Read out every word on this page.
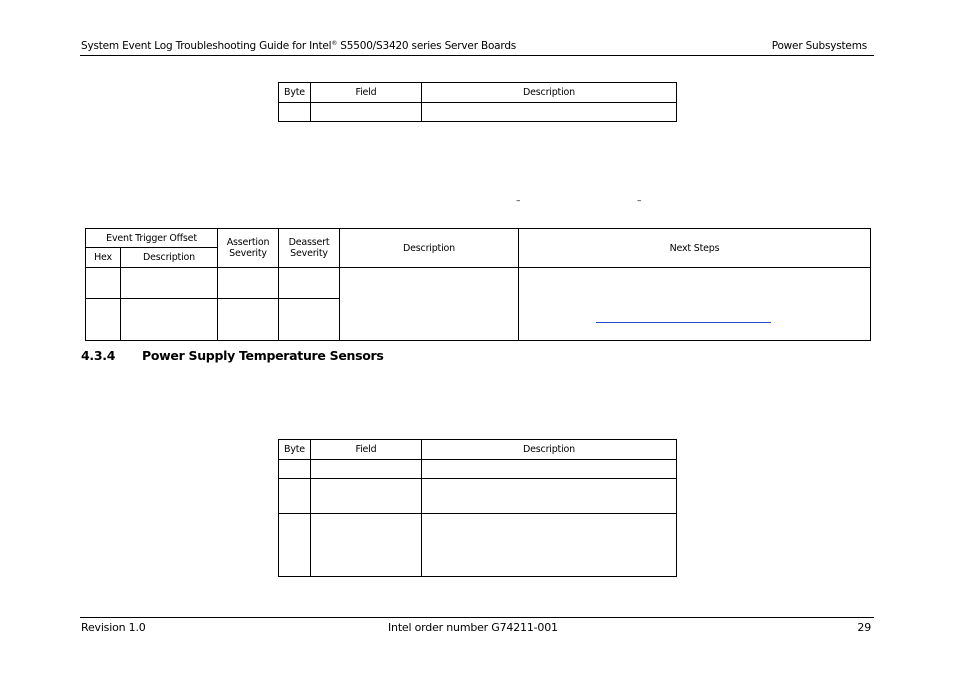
System Event Log Troubleshooting Guide for Intel® S5500/S3420 series Server Boards	Power Subsystems
Byte	Field	Description

–	–
Event Trigger Offset		Assertion Severity	Deassert Severity	Description	Next Steps
Hex	Description				

4.3.4 Power Supply Temperature Sensors
Byte	Field	Description

Revision 1.0	Intel order number G74211-001	29
